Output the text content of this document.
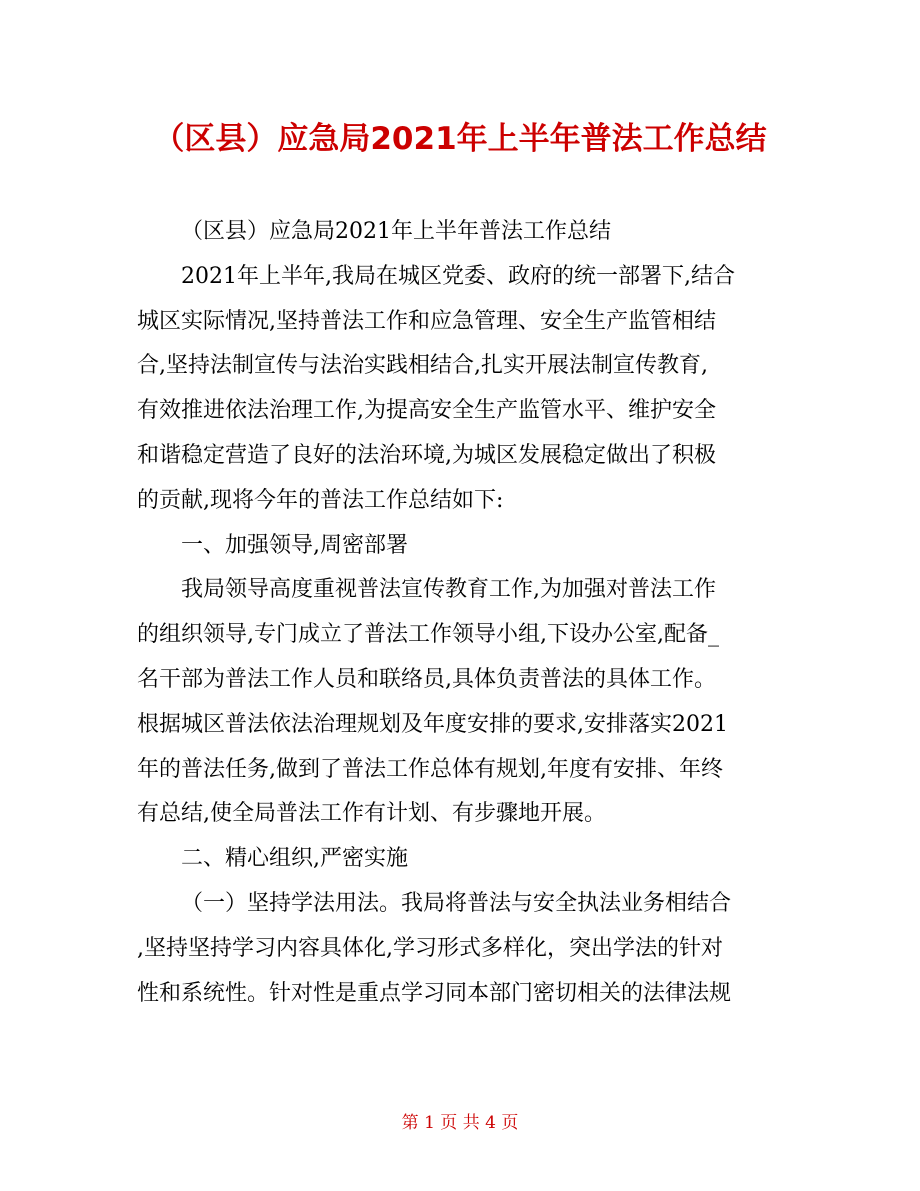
（区县）应急局2021年上半年普法工作总结
（区县）应急局2021年上半年普法工作总结
2021年上半年,我局在城区党委、政府的统一部署下,结合
城区实际情况,坚持普法工作和应急管理、安全生产监管相结
合,坚持法制宣传与法治实践相结合,扎实开展法制宣传教育,
有效推进依法治理工作,为提高安全生产监管水平、维护安全
和谐稳定营造了良好的法治环境,为城区发展稳定做出了积极
的贡献,现将今年的普法工作总结如下:
一、加强领导,周密部署
我局领导高度重视普法宣传教育工作,为加强对普法工作
的组织领导,专门成立了普法工作领导小组,下设办公室,配备_
名干部为普法工作人员和联络员,具体负责普法的具体工作。
根据城区普法依法治理规划及年度安排的要求,安排落实2021
年的普法任务,做到了普法工作总体有规划,年度有安排、年终
有总结,使全局普法工作有计划、有步骤地开展。
二、精心组织,严密实施
（一）坚持学法用法。我局将普法与安全执法业务相结合
,坚持坚持学习内容具体化,学习形式多样化，突出学法的针对
性和系统性。针对性是重点学习同本部门密切相关的法律法规
第 1 页 共 4 页
